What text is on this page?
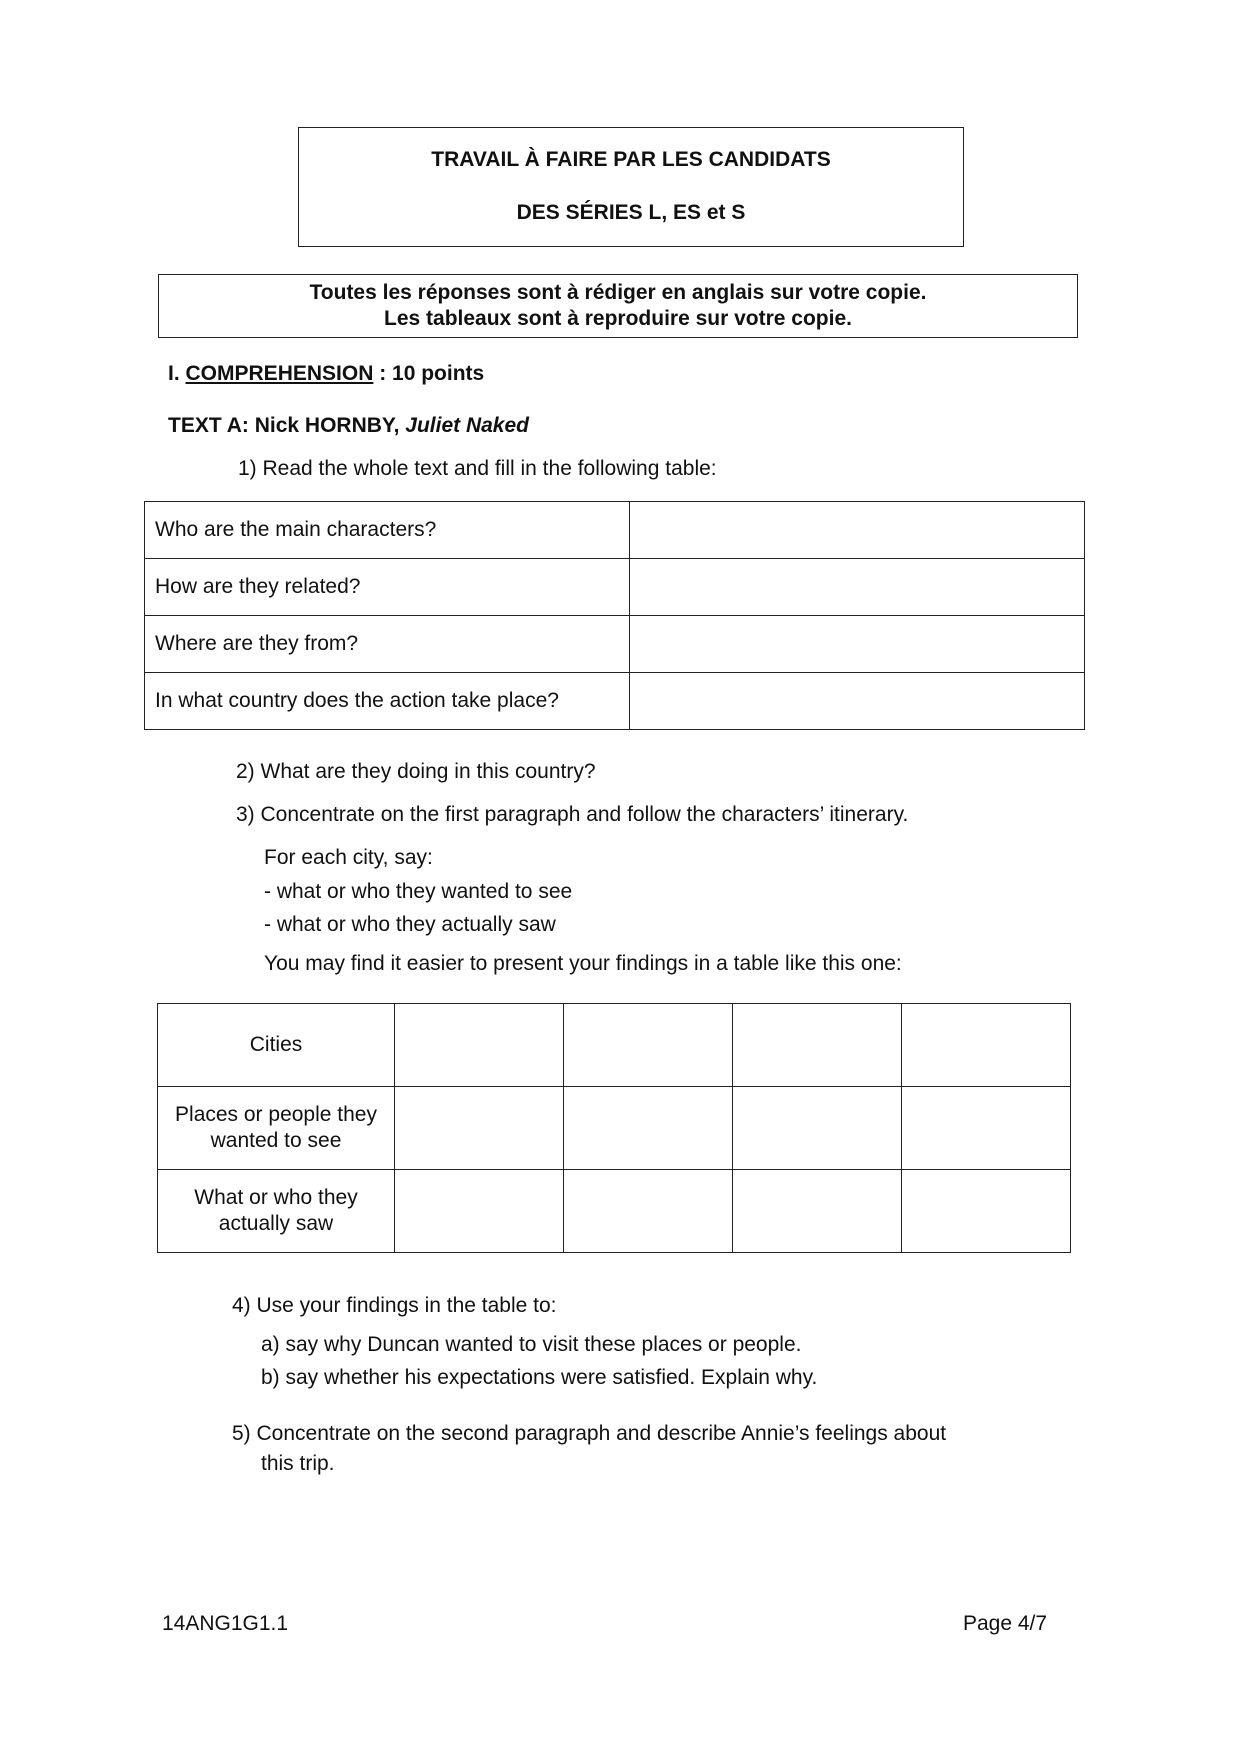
TRAVAIL À FAIRE PAR LES CANDIDATS
DES SÉRIES L, ES et S
Toutes les réponses sont à rédiger en anglais sur votre copie.
Les tableaux sont à reproduire sur votre copie.
I. COMPREHENSION : 10 points
TEXT A: Nick HORNBY, Juliet Naked
1) Read the whole text and fill in the following table:
Who are the main characters?	
How are they related?	
Where are they from?	
In what country does the action take place?	
2) What are they doing in this country?
3) Concentrate on the first paragraph and follow the characters’ itinerary.
For each city, say:
- what or who they wanted to see
- what or who they actually saw
You may find it easier to present your findings in a table like this one:
Cities				
Places or people they wanted to see				
What or who they actually saw				
4) Use your findings in the table to:
a) say why Duncan wanted to visit these places or people.
b) say whether his expectations were satisfied. Explain why.
5) Concentrate on the second paragraph and describe Annie’s feelings about
this trip.
14ANG1G1.1	Page 4/7
